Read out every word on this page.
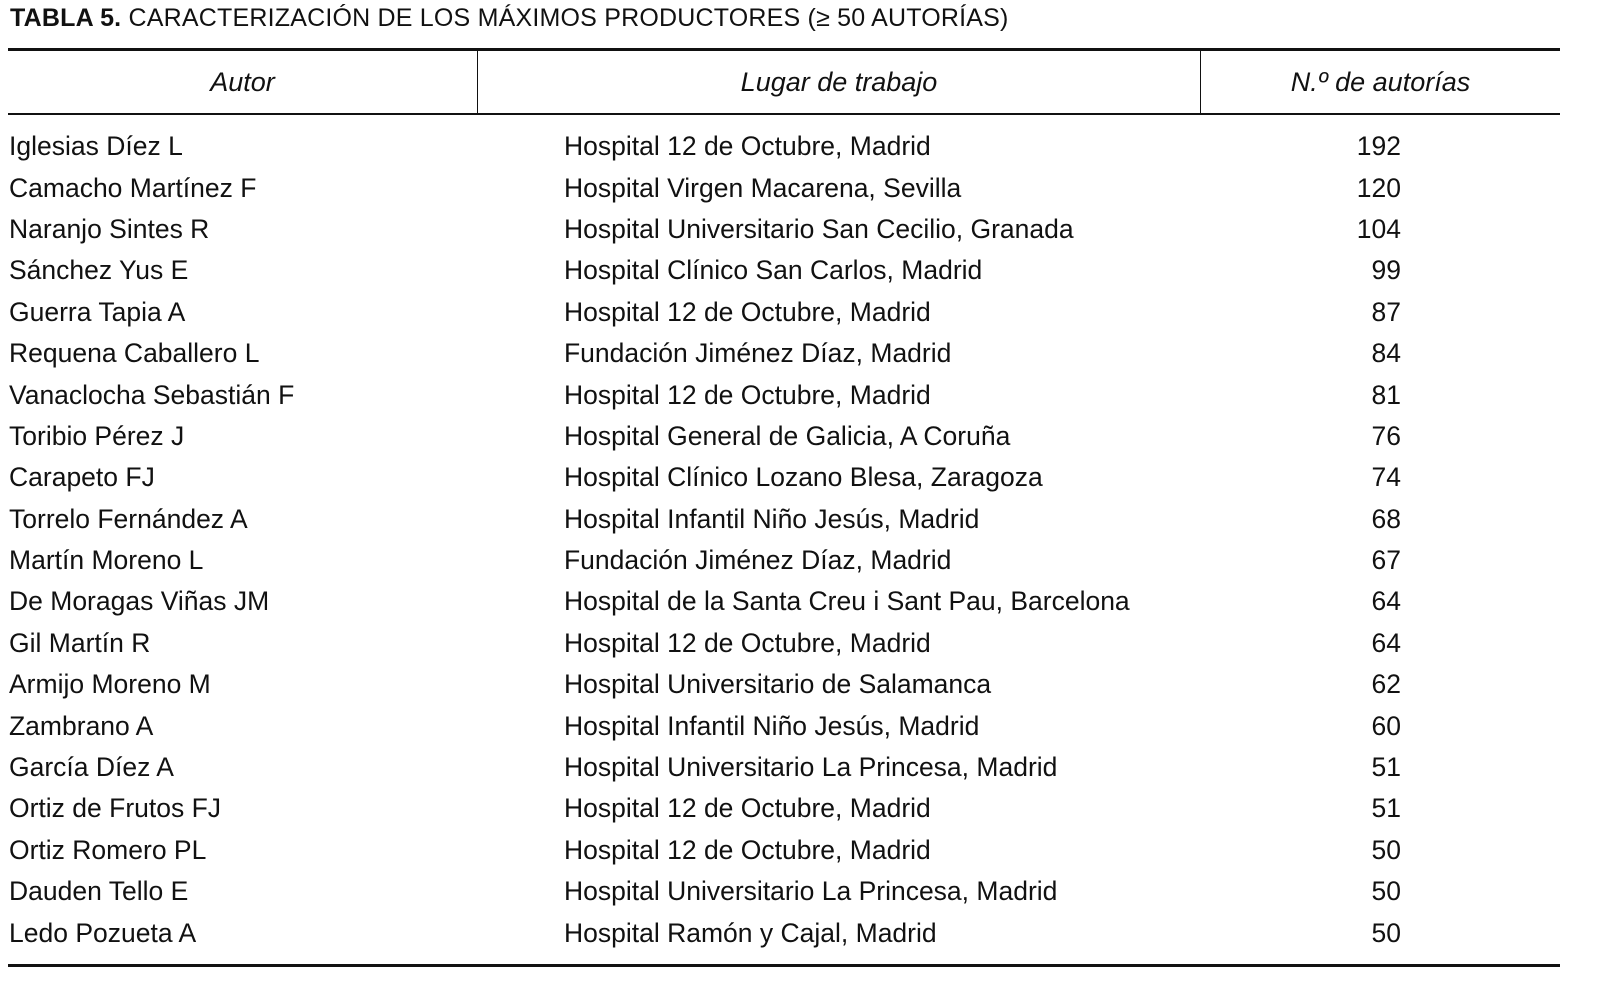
TABLA 5. CARACTERIZACIÓN DE LOS MÁXIMOS PRODUCTORES (≥ 50 AUTORÍAS)
Autor	Lugar de trabajo	N.º de autorías
Iglesias Díez L	Hospital 12 de Octubre, Madrid	192
Camacho Martínez F	Hospital Virgen Macarena, Sevilla	120
Naranjo Sintes R	Hospital Universitario San Cecilio, Granada	104
Sánchez Yus E	Hospital Clínico San Carlos, Madrid	99
Guerra Tapia A	Hospital 12 de Octubre, Madrid	87
Requena Caballero L	Fundación Jiménez Díaz, Madrid	84
Vanaclocha Sebastián F	Hospital 12 de Octubre, Madrid	81
Toribio Pérez J	Hospital General de Galicia, A Coruña	76
Carapeto FJ	Hospital Clínico Lozano Blesa, Zaragoza	74
Torrelo Fernández A	Hospital Infantil Niño Jesús, Madrid	68
Martín Moreno L	Fundación Jiménez Díaz, Madrid	67
De Moragas Viñas JM	Hospital de la Santa Creu i Sant Pau, Barcelona	64
Gil Martín R	Hospital 12 de Octubre, Madrid	64
Armijo Moreno M	Hospital Universitario de Salamanca	62
Zambrano A	Hospital Infantil Niño Jesús, Madrid	60
García Díez A	Hospital Universitario La Princesa, Madrid	51
Ortiz de Frutos FJ	Hospital 12 de Octubre, Madrid	51
Ortiz Romero PL	Hospital 12 de Octubre, Madrid	50
Dauden Tello E	Hospital Universitario La Princesa, Madrid	50
Ledo Pozueta A	Hospital Ramón y Cajal, Madrid	50
